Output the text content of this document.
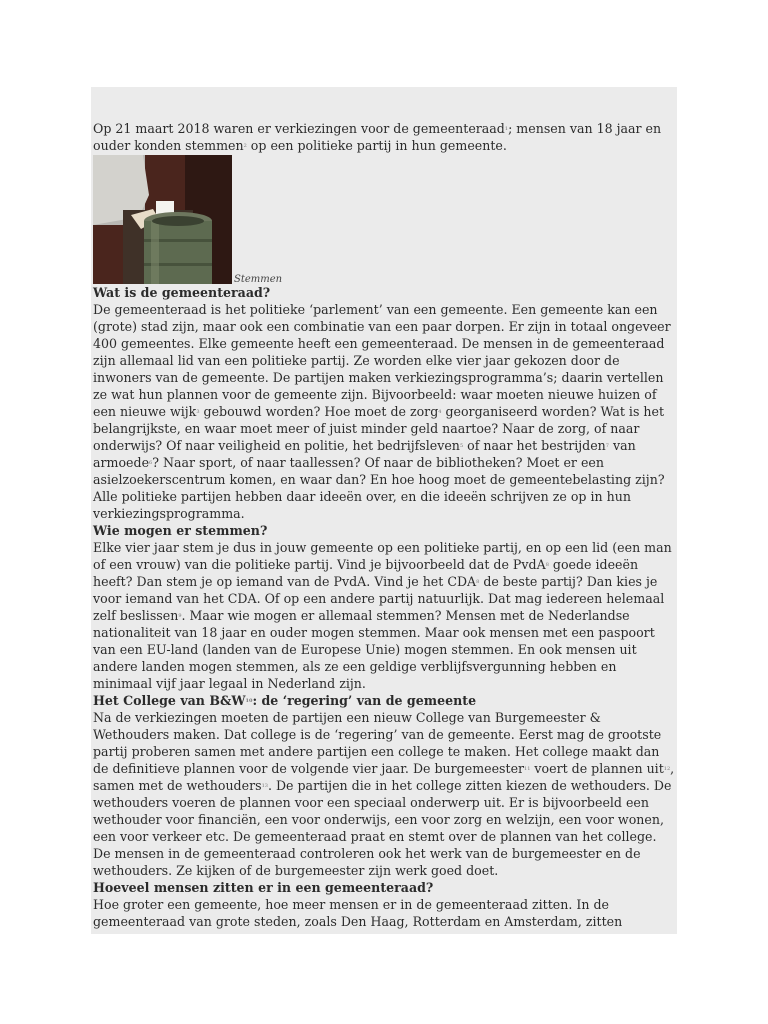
Op 21 maart 2018 waren er verkiezingen voor de gemeenteraad$^1$; mensen van 18 jaar en ouder konden stemmen$^2$ op een politieke partij in hun gemeente.

Stemmen
Wat is de gemeenteraad?

De gemeenteraad is het politieke ‘parlement’ van een gemeente. Een gemeente kan een (grote) stad zijn, maar ook een combinatie van een paar dorpen. Er zijn in totaal ongeveer 400 gemeentes. Elke gemeente heeft een gemeenteraad. De mensen in de gemeenteraad zijn allemaal lid van een politieke partij. Ze worden elke vier jaar gekozen door de inwoners van de gemeente. De partijen maken verkiezingsprogramma’s; daarin vertellen ze wat hun plannen voor de gemeente zijn. Bijvoorbeeld: waar moeten nieuwe huizen of een nieuwe wijk$^3$ gebouwd worden? Hoe moet de zorg$^4$ georganiseerd worden? Wat is het belangrijkste, en waar moet meer of juist minder geld naartoe? Naar de zorg, of naar onderwijs? Of naar veiligheid en politie, het bedrijfsleven$^5$ of naar het bestrijden$^7$ van armoede$^6$? Naar sport, of naar taallessen? Of naar de bibliotheken? Moet er een asielzoekerscentrum komen, en waar dan? En hoe hoog moet de gemeentebelasting zijn? Alle politieke partijen hebben daar ideeën over, en die ideeën schrijven ze op in hun verkiezingsprogramma.

Wie mogen er stemmen?

Elke vier jaar stem je dus in jouw gemeente op een politieke partij, en op een lid (een man of een vrouw) van die politieke partij. Vind je bijvoorbeeld dat de PvdA$^8$ goede ideeën heeft? Dan stem je op iemand van de PvdA. Vind je het CDA$^8$ de beste partij? Dan kies je voor iemand van het CDA. Of op een andere partij natuurlijk. Dat mag iedereen helemaal zelf beslissen$^9$. Maar wie mogen er allemaal stemmen? Mensen met de Nederlandse nationaliteit van 18 jaar en ouder mogen stemmen. Maar ook mensen met een paspoort van een EU-land (landen van de Europese Unie) mogen stemmen. En ook mensen uit andere landen mogen stemmen, als ze een geldige verblijfsvergunning hebben en minimaal vijf jaar legaal in Nederland zijn.

Het College van $B\&W^{10}$: de ‘regering’ van de gemeente

Na de verkiezingen moeten de partijen een nieuw College van Burgemeester & Wethouders maken. Dat college is de ‘regering’ van de gemeente. Eerst mag de grootste partij proberen samen met andere partijen een college te maken. Het college maakt dan de definitieve plannen voor de volgende vier jaar. De burgemeester$^{11}$ voert de plannen uit$^{12}$, samen met de wethouders$^{13}$. De partijen die in het college zitten kiezen de wethouders. De wethouders voeren de plannen voor een speciaal onderwerp uit. Er is bijvoorbeeld een wethouder voor financiën, een voor onderwijs, een voor zorg en welzijn, een voor wonen, een voor verkeer etc. De gemeenteraad praat en stemt over de plannen van het college. De mensen in de gemeenteraad controleren ook het werk van de burgemeester en de wethouders. Ze kijken of de burgemeester zijn werk goed doet.

Hoeveel mensen zitten er in een gemeenteraad?

Hoe groter een gemeente, hoe meer mensen er in de gemeenteraad zitten. In de gemeenteraad van grote steden, zoals Den Haag, Rotterdam en Amsterdam, zitten
